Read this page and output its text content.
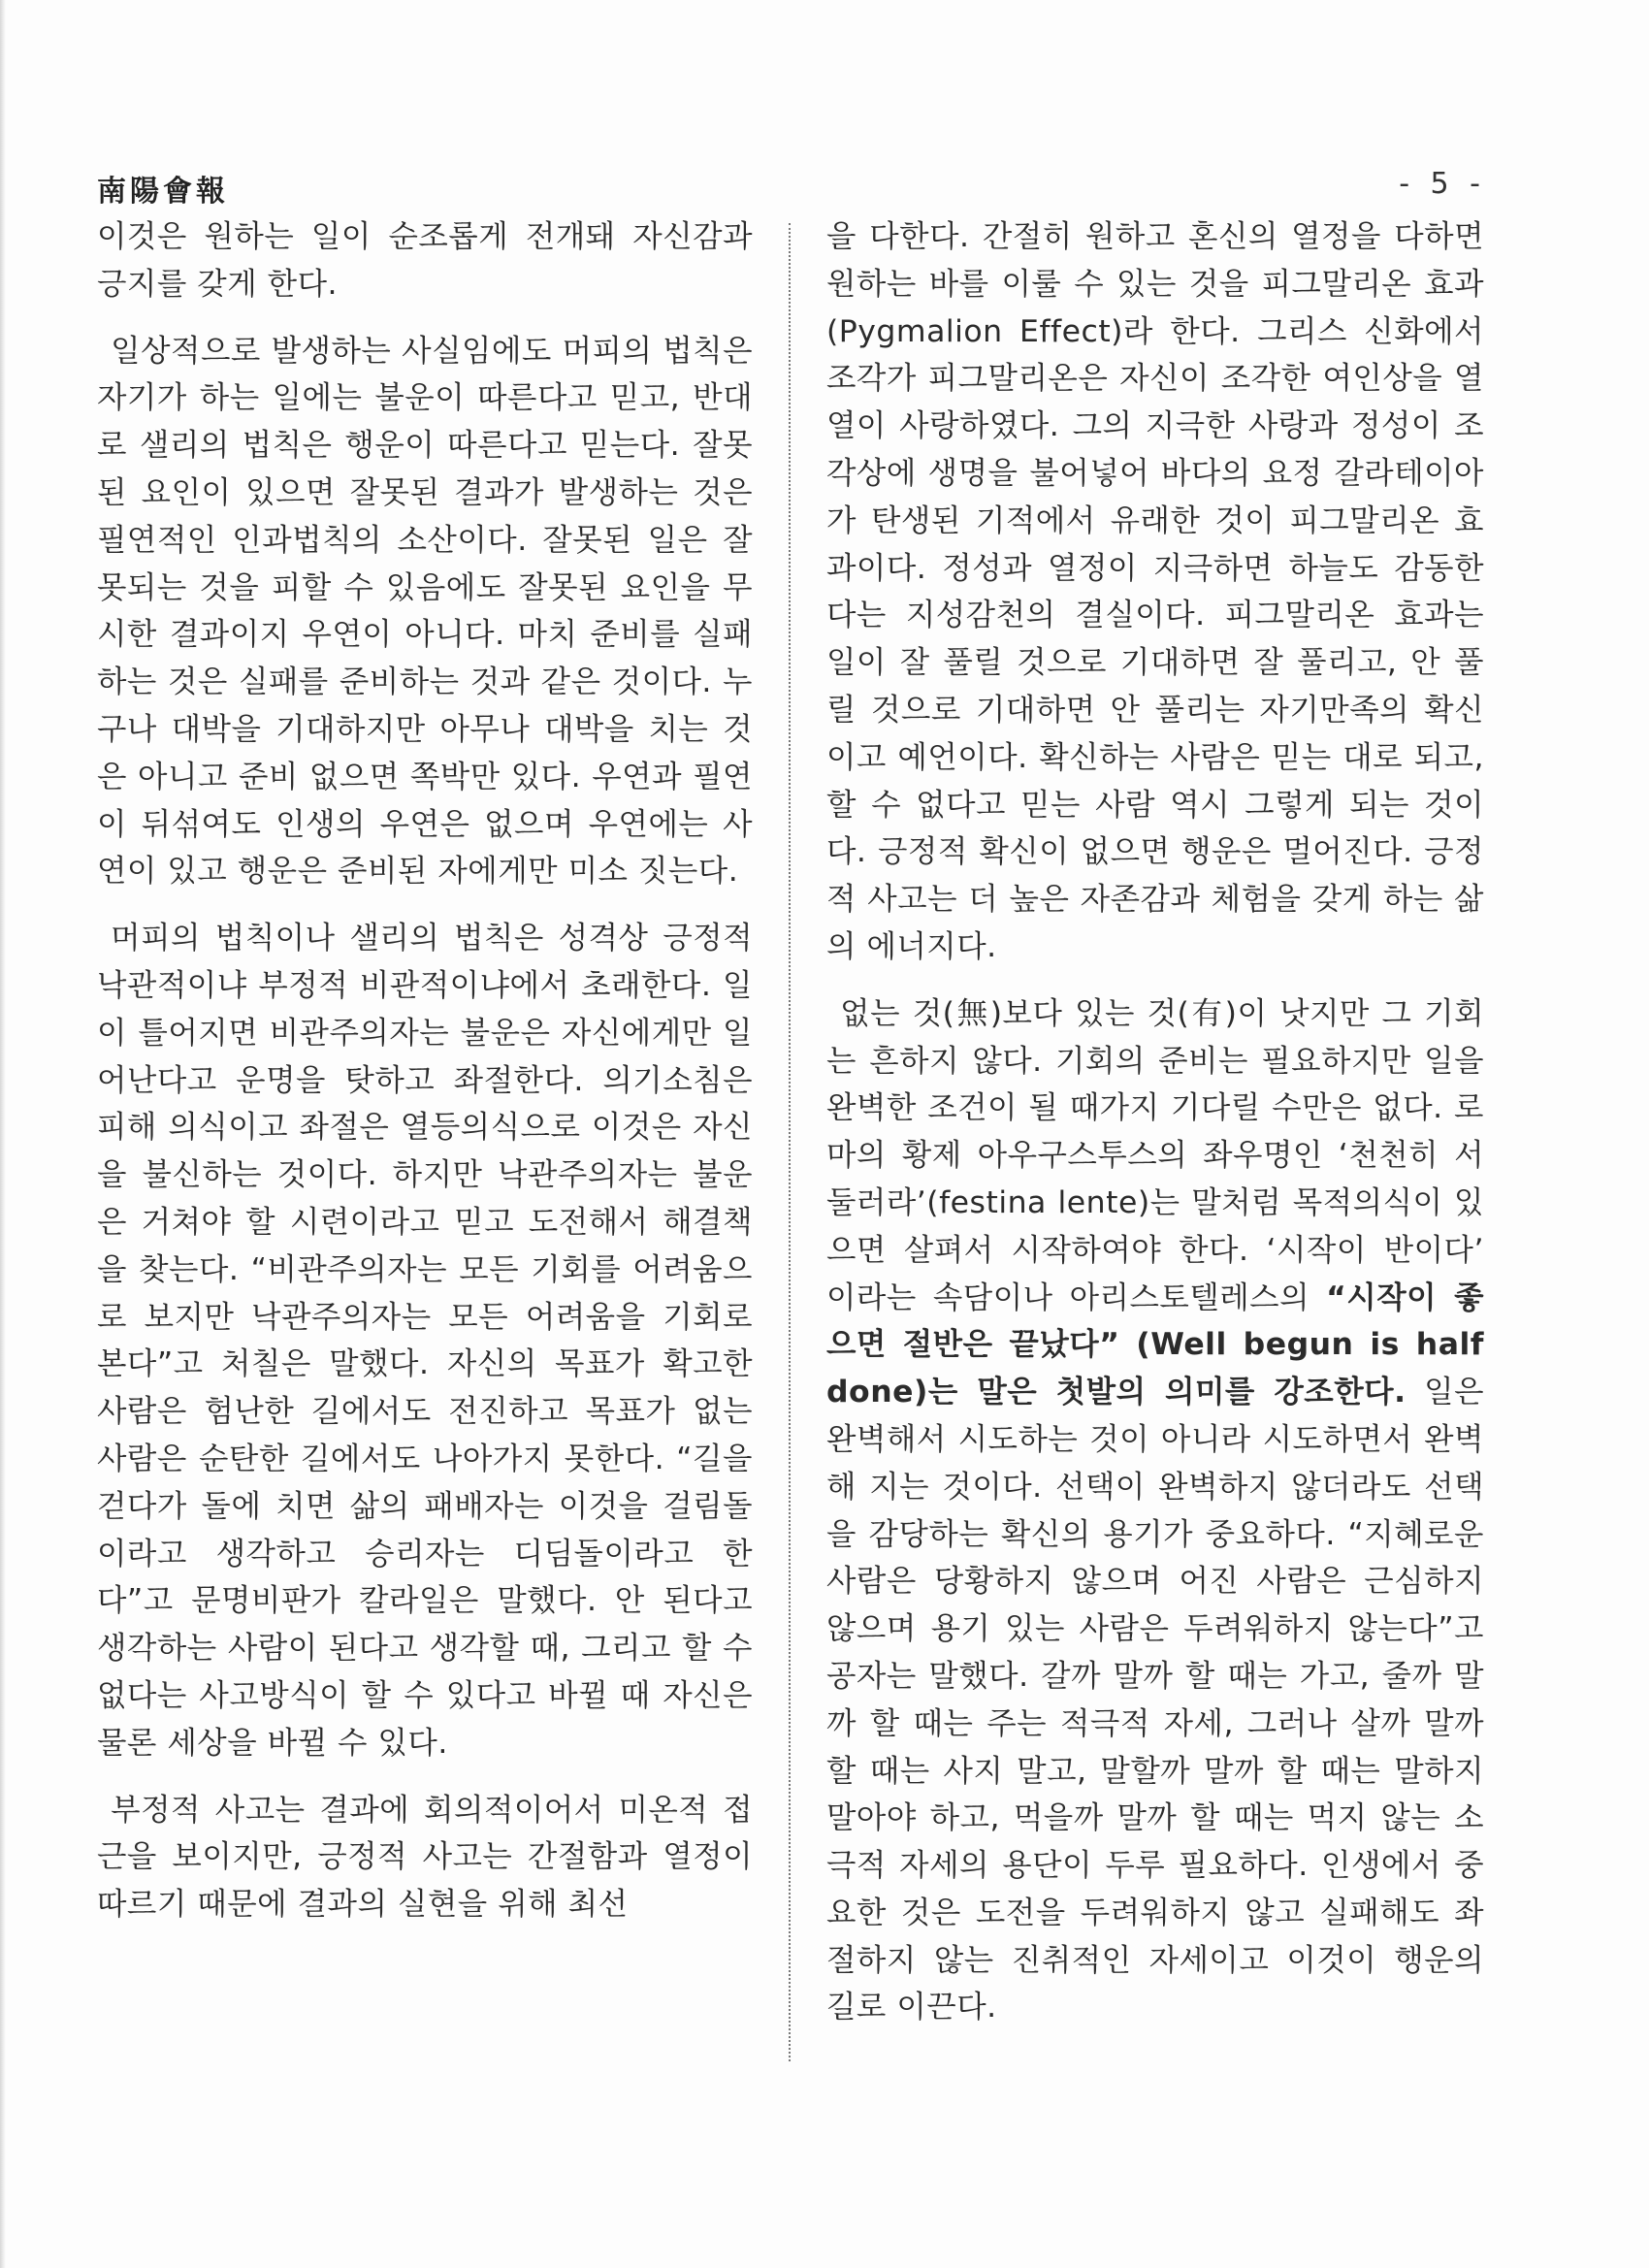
南陽會報	- 5 -

이것은 원하는 일이 순조롭게 전개돼 자신감과 긍지를 갖게 한다.

일상적으로 발생하는 사실임에도 머피의 법칙은 자기가 하는 일에는 불운이 따른다고 믿고, 반대로 샐리의 법칙은 행운이 따른다고 믿는다. 잘못된 요인이 있으면 잘못된 결과가 발생하는 것은 필연적인 인과법칙의 소산이다. 잘못된 일은 잘못되는 것을 피할 수 있음에도 잘못된 요인을 무시한 결과이지 우연이 아니다. 마치 준비를 실패하는 것은 실패를 준비하는 것과 같은 것이다. 누구나 대박을 기대하지만 아무나 대박을 치는 것은 아니고 준비 없으면 쪽박만 있다. 우연과 필연이 뒤섞여도 인생의 우연은 없으며 우연에는 사연이 있고 행운은 준비된 자에게만 미소 짓는다.

머피의 법칙이나 샐리의 법칙은 성격상 긍정적 낙관적이냐 부정적 비관적이냐에서 초래한다. 일이 틀어지면 비관주의자는 불운은 자신에게만 일어난다고 운명을 탓하고 좌절한다. 의기소침은 피해 의식이고 좌절은 열등의식으로 이것은 자신을 불신하는 것이다. 하지만 낙관주의자는 불운은 거쳐야 할 시련이라고 믿고 도전해서 해결책을 찾는다. “비관주의자는 모든 기회를 어려움으로 보지만 낙관주의자는 모든 어려움을 기회로 본다”고 처칠은 말했다. 자신의 목표가 확고한 사람은 험난한 길에서도 전진하고 목표가 없는 사람은 순탄한 길에서도 나아가지 못한다. “길을 걷다가 돌에 치면 삶의 패배자는 이것을 걸림돌이라고 생각하고 승리자는 디딤돌이라고 한다”고 문명비판가 칼라일은 말했다. 안 된다고 생각하는 사람이 된다고 생각할 때, 그리고 할 수 없다는 사고방식이 할 수 있다고 바뀔 때 자신은 물론 세상을 바뀔 수 있다.

부정적 사고는 결과에 회의적이어서 미온적 접근을 보이지만, 긍정적 사고는 간절함과 열정이 따르기 때문에 결과의 실현을 위해 최선

을 다한다. 간절히 원하고 혼신의 열정을 다하면 원하는 바를 이룰 수 있는 것을 피그말리온 효과(Pygmalion Effect)라 한다. 그리스 신화에서 조각가 피그말리온은 자신이 조각한 여인상을 열열이 사랑하였다. 그의 지극한 사랑과 정성이 조각상에 생명을 불어넣어 바다의 요정 갈라테이아가 탄생된 기적에서 유래한 것이 피그말리온 효과이다. 정성과 열정이 지극하면 하늘도 감동한다는 지성감천의 결실이다. 피그말리온 효과는 일이 잘 풀릴 것으로 기대하면 잘 풀리고, 안 풀릴 것으로 기대하면 안 풀리는 자기만족의 확신이고 예언이다. 확신하는 사람은 믿는 대로 되고, 할 수 없다고 믿는 사람 역시 그렇게 되는 것이다. 긍정적 확신이 없으면 행운은 멀어진다. 긍정적 사고는 더 높은 자존감과 체험을 갖게 하는 삶의 에너지다.

없는 것(無)보다 있는 것(有)이 낫지만 그 기회는 흔하지 않다. 기회의 준비는 필요하지만 일을 완벽한 조건이 될 때가지 기다릴 수만은 없다. 로마의 황제 아우구스투스의 좌우명인 ‘천천히 서둘러라’(festina lente)는 말처럼 목적의식이 있으면 살펴서 시작하여야 한다. ‘시작이 반이다’ 이라는 속담이나 아리스토텔레스의 “시작이 좋으면 절반은 끝났다” (Well begun is half done)는 말은 첫발의 의미를 강조한다. 일은 완벽해서 시도하는 것이 아니라 시도하면서 완벽해 지는 것이다. 선택이 완벽하지 않더라도 선택을 감당하는 확신의 용기가 중요하다. “지혜로운 사람은 당황하지 않으며 어진 사람은 근심하지 않으며 용기 있는 사람은 두려워하지 않는다”고 공자는 말했다. 갈까 말까 할 때는 가고, 줄까 말까 할 때는 주는 적극적 자세, 그러나 살까 말까 할 때는 사지 말고, 말할까 말까 할 때는 말하지 말아야 하고, 먹을까 말까 할 때는 먹지 않는 소극적 자세의 용단이 두루 필요하다. 인생에서 중요한 것은 도전을 두려워하지 않고 실패해도 좌절하지 않는 진취적인 자세이고 이것이 행운의 길로 이끈다.
